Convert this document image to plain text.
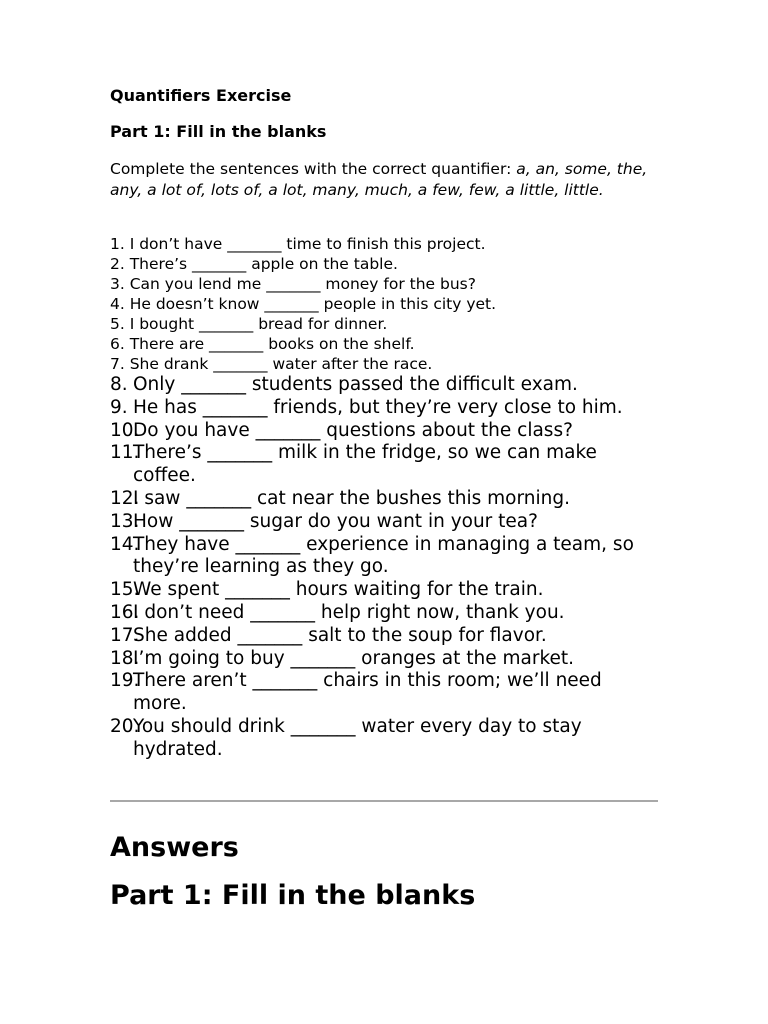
Quantifiers Exercise
Part 1: Fill in the blanks
Complete the sentences with the correct quantifier: a, an, some, the, any, a lot of, lots of, a lot, many, much, a few, few, a little, little.
1. I don’t have _______ time to finish this project.
2. There’s _______ apple on the table.
3. Can you lend me _______ money for the bus?
4. He doesn’t know _______ people in this city yet.
5. I bought _______ bread for dinner.
6. There are _______ books on the shelf.
7. She drank _______ water after the race.
8. Only _______ students passed the difficult exam.
9. He has _______ friends, but they’re very close to him.
10.
Do you have _______ questions about the class?
11.
There’s _______ milk in the fridge, so we can make coffee.
12.
I saw _______ cat near the bushes this morning.
13.
How _______ sugar do you want in your tea?
14.
They have _______ experience in managing a team, so they’re learning as they go.
15.
We spent _______ hours waiting for the train.
16.
I don’t need _______ help right now, thank you.
17.
She added _______ salt to the soup for flavor.
18.
I’m going to buy _______ oranges at the market.
19.
There aren’t _______ chairs in this room; we’ll need more.
20.
You should drink _______ water every day to stay hydrated.
Answers
Part 1: Fill in the blanks
